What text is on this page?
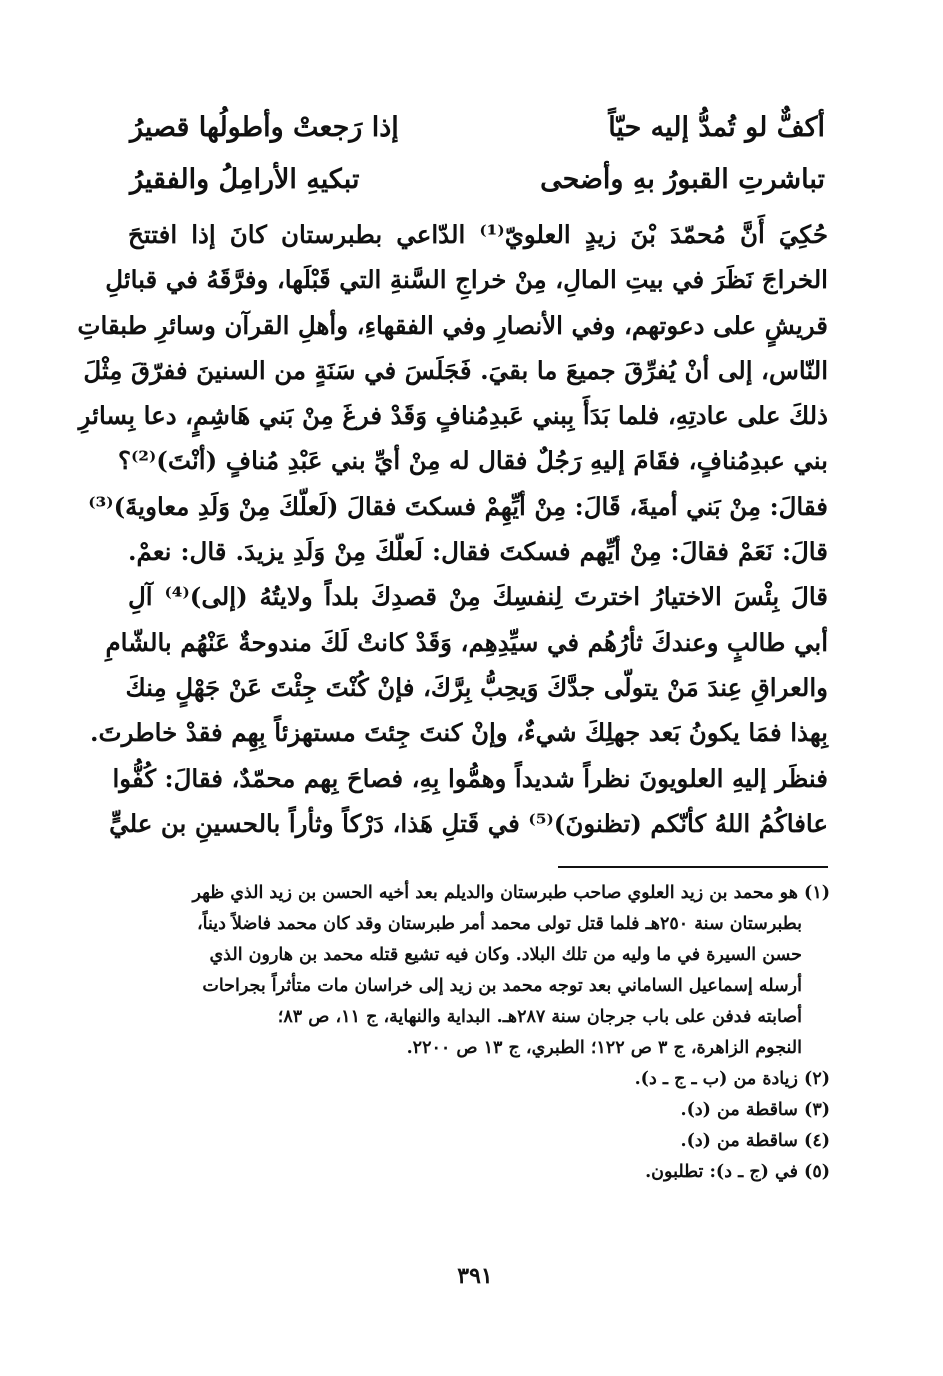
أكفٌّ لو تُمدُّ إليه حيّاً
إذا رَجعتْ وأطولُها قصيرُ
تباشرتِ القبورُ بهِ وأضحى
تبكيهِ الأرامِلُ والفقيرُ
حُكِيَ أَنَّ مُحمّدَ بْنَ زيدٍ العلويّ⁽¹⁾ الدّاعي بطبرستان كانَ إذا افتتحَ
الخراجَ نَظَرَ في بيتِ المالِ، مِنْ خراجِ السَّنةِ التي قَبْلَها، وفرَّقَهُ في قبائلِ
قريشٍ على دعوتهم، وفي الأنصارِ وفي الفقهاءِ، وأهلِ القرآن وسائرِ طبقاتِ
النّاس، إلى أنْ يُفرِّقَ جميعَ ما بقيَ. فَجَلَسَ في سَنَةٍ من السنينَ ففرّقَ مِثْلَ
ذلكَ على عادتِهِ، فلما بَدَأَ بِبني عَبدِمُنافٍ وَقَدْ فرغَ مِنْ بَني هَاشِمٍ، دعا بِسائرِ
بني عبدِمُنافٍ، فقَامَ إليهِ رَجُلٌ فقال له مِنْ أيِّ بني عَبْدِ مُنافٍ (أنْتَ)⁽²⁾؟
فقالَ: مِنْ بَني أميةَ، قَالَ: مِنْ أيِّهِمْ فسكتَ فقالَ (لَعلّكَ مِنْ وَلَدِ معاويةَ)⁽³⁾
قالَ: نَعَمْ فقالَ: مِنْ أيِّهم فسكتَ فقال: لَعلّكَ مِنْ وَلَدِ يزيدَ. قال: نعمْ.
قالَ بِئْسَ الاختيارُ اخترتَ لِنفسِكَ مِنْ قصدِكَ بلداً ولايتُهُ (إلى)⁽⁴⁾ آلِ
أبي طالبٍ وعندكَ ثأرُهُم في سيِّدِهِم، وَقَدْ كانتْ لَكَ مندوحةٌ عَنْهُم بالشّامِ
والعراقِ عِندَ مَنْ يتولّى جدَّكَ وَيحِبُّ بِرَّكَ، فإنْ كُنْتَ جِئْتَ عَنْ جَهْلٍ مِنكَ
بِهذا فمَا يكونُ بَعد جهلِكَ شيءٌ، وإنْ كنتَ جِئتَ مستهزئاً بِهِم فقدْ خاطرتَ.
فنظَر إليهِ العلويونَ نظراً شديداً وهمُّوا بِهِ، فصاحَ بِهم محمّدٌ، فقالَ: كُفُّوا
عافاكُمُ اللهُ كأنّكم (تظنونَ)⁽⁵⁾ في قَتلِ هَذا، دَرْكاً وثأراً بالحسينِ بن عليٍّ
(١) هو محمد بن زيد العلوي صاحب طبرستان والديلم بعد أخيه الحسن بن زيد الذي ظهر
بطبرستان سنة ٢٥٠هـ فلما قتل تولى محمد أمر طبرستان وقد كان محمد فاضلاً ديناً،
حسن السيرة في ما وليه من تلك البلاد. وكان فيه تشيع قتله محمد بن هارون الذي
أرسله إسماعيل الساماني بعد توجه محمد بن زيد إلى خراسان مات متأثراً بجراحات
أصابته فدفن على باب جرجان سنة ٢٨٧هـ. البداية والنهاية، ج ١١، ص ٨٣؛
النجوم الزاهرة، ج ٣ ص ١٢٢؛ الطبري، ج ١٣ ص ٢٢٠٠.
(٢) زيادة من (ب ـ ج ـ د).
(٣) ساقطة من (د).
(٤) ساقطة من (د).
(٥) في (ج ـ د): تطلبون.
٣٩١
